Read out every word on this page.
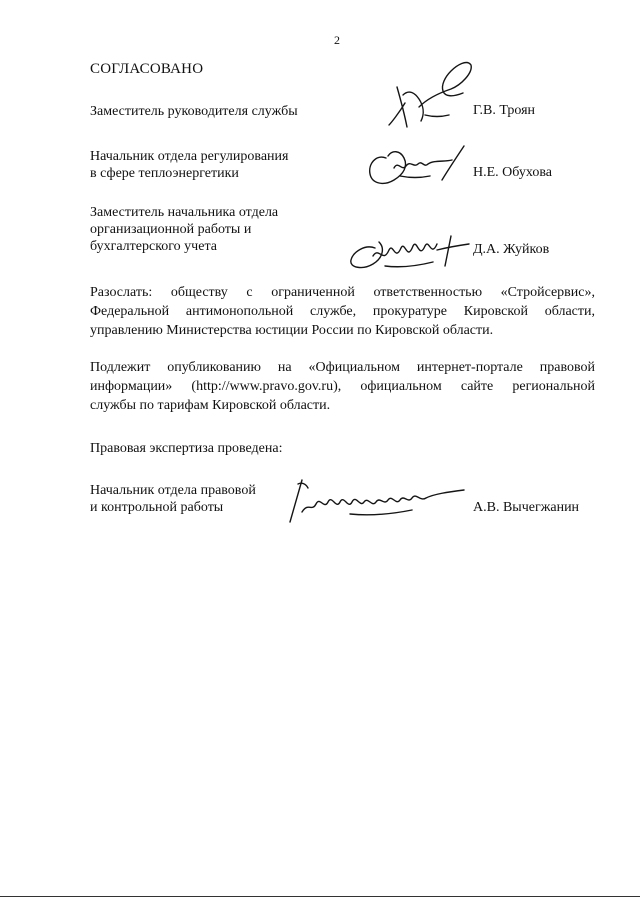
2
СОГЛАСОВАНО
Заместитель руководителя службы	Г.В. Троян
Начальник отдела регулирования
в сфере теплоэнергетики	Н.Е. Обухова
Заместитель начальника отдела
организационной работы и
бухгалтерского учета	Д.А. Жуйков
Разослать: обществу с ограниченной ответственностью «Стройсервис»,
Федеральной антимонопольной службе, прокуратуре Кировской области,
управлению Министерства юстиции России по Кировской области.
Подлежит опубликованию на «Официальном интернет-портале правовой
информации» (http://www.pravo.gov.ru), официальном сайте региональной
службы по тарифам Кировской области.
Правовая экспертиза проведена:
Начальник отдела правовой
и контрольной работы	А.В. Вычегжанин
